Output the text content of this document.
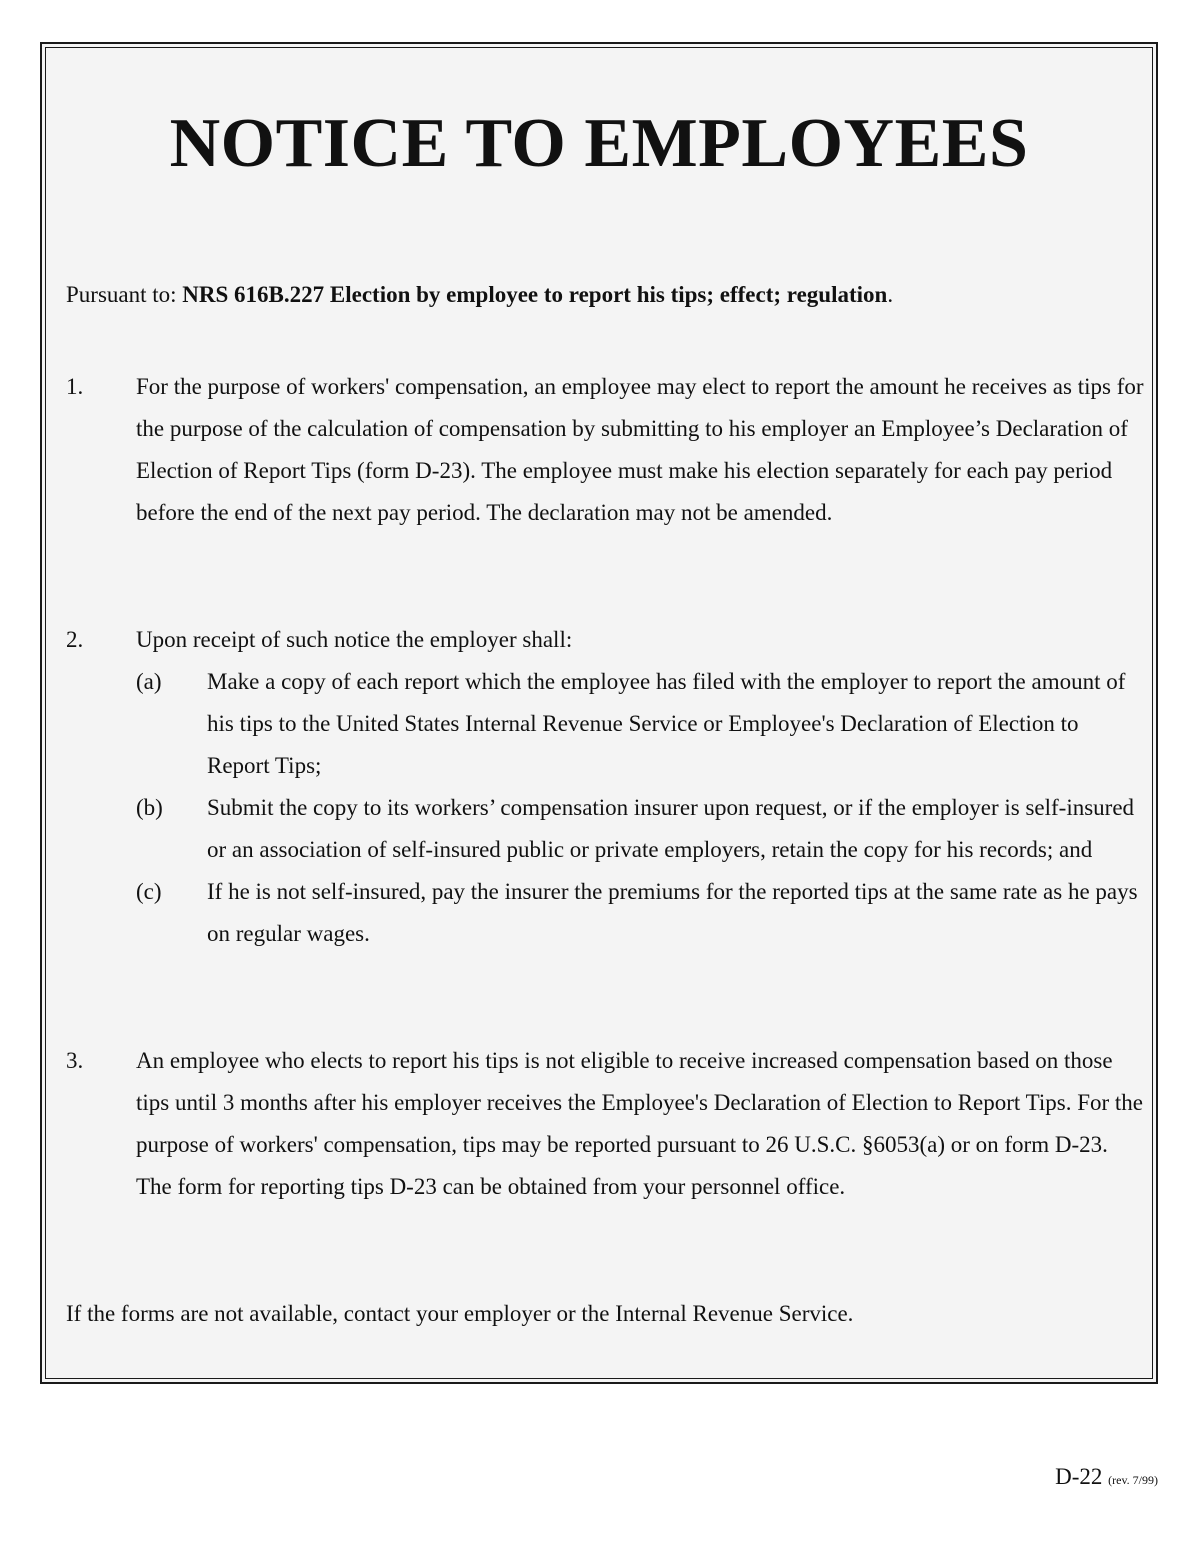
NOTICE TO EMPLOYEES

Pursuant to: NRS 616B.227 Election by employee to report his tips; effect; regulation.

1. For the purpose of workers' compensation, an employee may elect to report the amount he receives as tips for the purpose of the calculation of compensation by submitting to his employer an Employee’s Declaration of Election of Report Tips (form D-23). The employee must make his election separately for each pay period before the end of the next pay period. The declaration may not be amended.
2. Upon receipt of such notice the employer shall:
(a) Make a copy of each report which the employee has filed with the employer to report the amount of his tips to the United States Internal Revenue Service or Employee's Declaration of Election to Report Tips;
(b) Submit the copy to its workers’ compensation insurer upon request, or if the employer is self-insured or an association of self-insured public or private employers, retain the copy for his records; and
(c) If he is not self-insured, pay the insurer the premiums for the reported tips at the same rate as he pays on regular wages.
3. An employee who elects to report his tips is not eligible to receive increased compensation based on those tips until 3 months after his employer receives the Employee's Declaration of Election to Report Tips. For the purpose of workers' compensation, tips may be reported pursuant to 26 U.S.C. §6053(a) or on form D-23. The form for reporting tips D-23 can be obtained from your personnel office.

If the forms are not available, contact your employer or the Internal Revenue Service.

D-22 (rev. 7/99)
